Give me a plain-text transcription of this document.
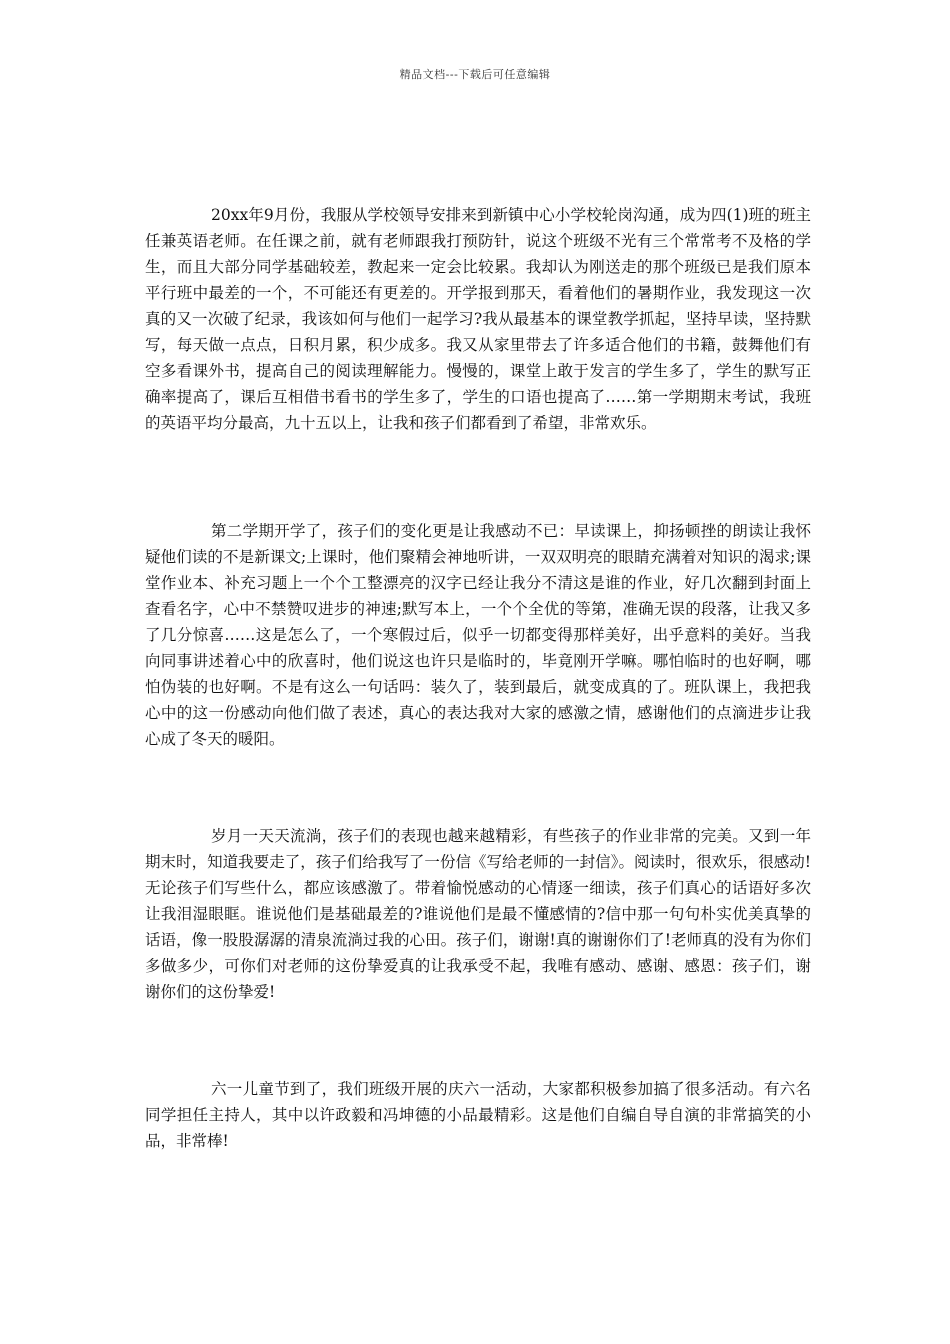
精品文档---下载后可任意编辑

20xx年9月份，我服从学校领导安排来到新镇中心小学校轮岗沟通，成为四(1)班的班主任兼英语老师。在任课之前，就有老师跟我打预防针，说这个班级不光有三个常常考不及格的学生，而且大部分同学基础较差，教起来一定会比较累。我却认为刚送走的那个班级已是我们原本平行班中最差的一个，不可能还有更差的。开学报到那天，看着他们的暑期作业，我发现这一次真的又一次破了纪录，我该如何与他们一起学习?我从最基本的课堂教学抓起，坚持早读，坚持默写，每天做一点点，日积月累，积少成多。我又从家里带去了许多适合他们的书籍，鼓舞他们有空多看课外书，提高自己的阅读理解能力。慢慢的，课堂上敢于发言的学生多了，学生的默写正确率提高了，课后互相借书看书的学生多了，学生的口语也提高了……第一学期期末考试，我班的英语平均分最高，九十五以上，让我和孩子们都看到了希望，非常欢乐。

第二学期开学了，孩子们的变化更是让我感动不已：早读课上，抑扬顿挫的朗读让我怀疑他们读的不是新课文;上课时，他们聚精会神地听讲，一双双明亮的眼睛充满着对知识的渴求;课堂作业本、补充习题上一个个工整漂亮的汉字已经让我分不清这是谁的作业，好几次翻到封面上查看名字，心中不禁赞叹进步的神速;默写本上，一个个全优的等第，准确无误的段落，让我又多了几分惊喜……这是怎么了，一个寒假过后，似乎一切都变得那样美好，出乎意料的美好。当我向同事讲述着心中的欣喜时，他们说这也许只是临时的，毕竟刚开学嘛。哪怕临时的也好啊，哪怕伪装的也好啊。不是有这么一句话吗：装久了，装到最后，就变成真的了。班队课上，我把我心中的这一份感动向他们做了表述，真心的表达我对大家的感激之情，感谢他们的点滴进步让我心成了冬天的暖阳。

岁月一天天流淌，孩子们的表现也越来越精彩，有些孩子的作业非常的完美。又到一年期末时，知道我要走了，孩子们给我写了一份信《写给老师的一封信》。阅读时，很欢乐，很感动!无论孩子们写些什么，都应该感激了。带着愉悦感动的心情逐一细读，孩子们真心的话语好多次让我泪湿眼眶。谁说他们是基础最差的?谁说他们是最不懂感情的?信中那一句句朴实优美真挚的话语，像一股股潺潺的清泉流淌过我的心田。孩子们，谢谢!真的谢谢你们了!老师真的没有为你们多做多少，可你们对老师的这份挚爱真的让我承受不起，我唯有感动、感谢、感恩：孩子们，谢谢你们的这份挚爱!

六一儿童节到了，我们班级开展的庆六一活动，大家都积极参加搞了很多活动。有六名同学担任主持人，其中以许政毅和冯坤德的小品最精彩。这是他们自编自导自演的非常搞笑的小品，非常棒!
